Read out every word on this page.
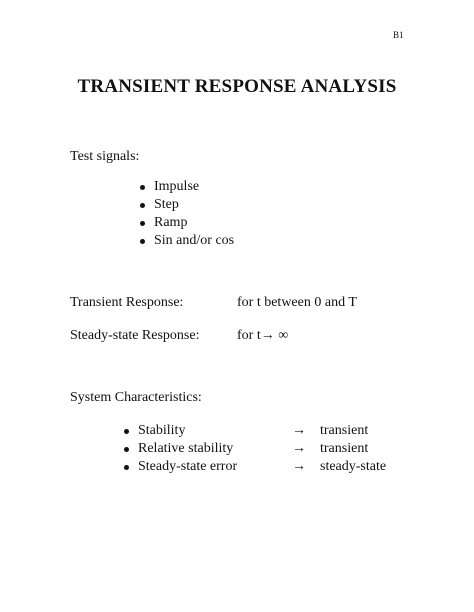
B1
TRANSIENT RESPONSE ANALYSIS

Test signals:

Impulse
Step
Ramp
Sin and/or cos
Transient Response:	for t between 0 and T
Steady-state Response:	for t→ ∞

System Characteristics:

Stability	→	transient
Relative stability	→	transient
Steady-state error	→	steady-state
